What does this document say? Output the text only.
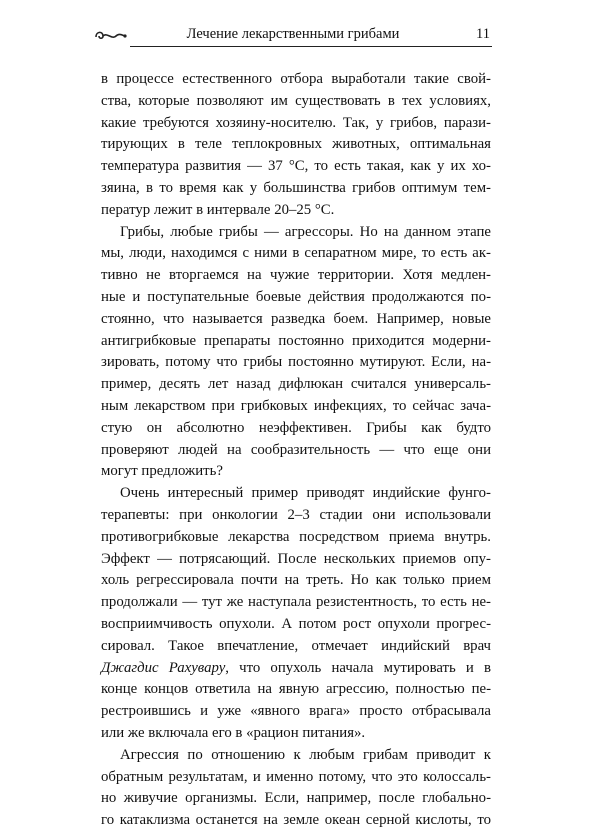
Лечение лекарственными грибами	11

в процессе естественного отбора выработали такие свой-
ства, которые позволяют им существовать в тех условиях,
какие требуются хозяину-носителю. Так, у грибов, парази-
тирующих в теле теплокровных животных, оптимальная
температура развития — 37 °С, то есть такая, как у их хо-
зяина, в то время как у большинства грибов оптимум тем-
ператур лежит в интервале 20–25 °С.

Грибы, любые грибы — агрессоры. Но на данном этапе
мы, люди, находимся с ними в сепаратном мире, то есть ак-
тивно не вторгаемся на чужие территории. Хотя медлен-
ные и поступательные боевые действия продолжаются по-
стоянно, что называется разведка боем. Например, новые
антигрибковые препараты постоянно приходится модерни-
зировать, потому что грибы постоянно мутируют. Если, на-
пример, десять лет назад дифлюкан считался универсаль-
ным лекарством при грибковых инфекциях, то сейчас зача-
стую он абсолютно неэффективен. Грибы как будто
проверяют людей на сообразительность — что еще они
могут предложить?

Очень интересный пример приводят индийские фунго-
терапевты: при онкологии 2–3 стадии они использовали
противогрибковые лекарства посредством приема внутрь.
Эффект — потрясающий. После нескольких приемов опу-
холь регрессировала почти на треть. Но как только прием
продолжали — тут же наступала резистентность, то есть не-
восприимчивость опухоли. А потом рост опухоли прогрес-
сировал. Такое впечатление, отмечает индийский врач
Джагдис Рахувару, что опухоль начала мутировать и в
конце концов ответила на явную агрессию, полностью пе-
рестроившись и уже «явного врага» просто отбрасывала
или же включала его в «рацион питания».

Агрессия по отношению к любым грибам приводит к
обратным результатам, и именно потому, что это колоссаль-
но живучие организмы. Если, например, после глобально-
го катаклизма останется на земле океан серной кислоты, то
